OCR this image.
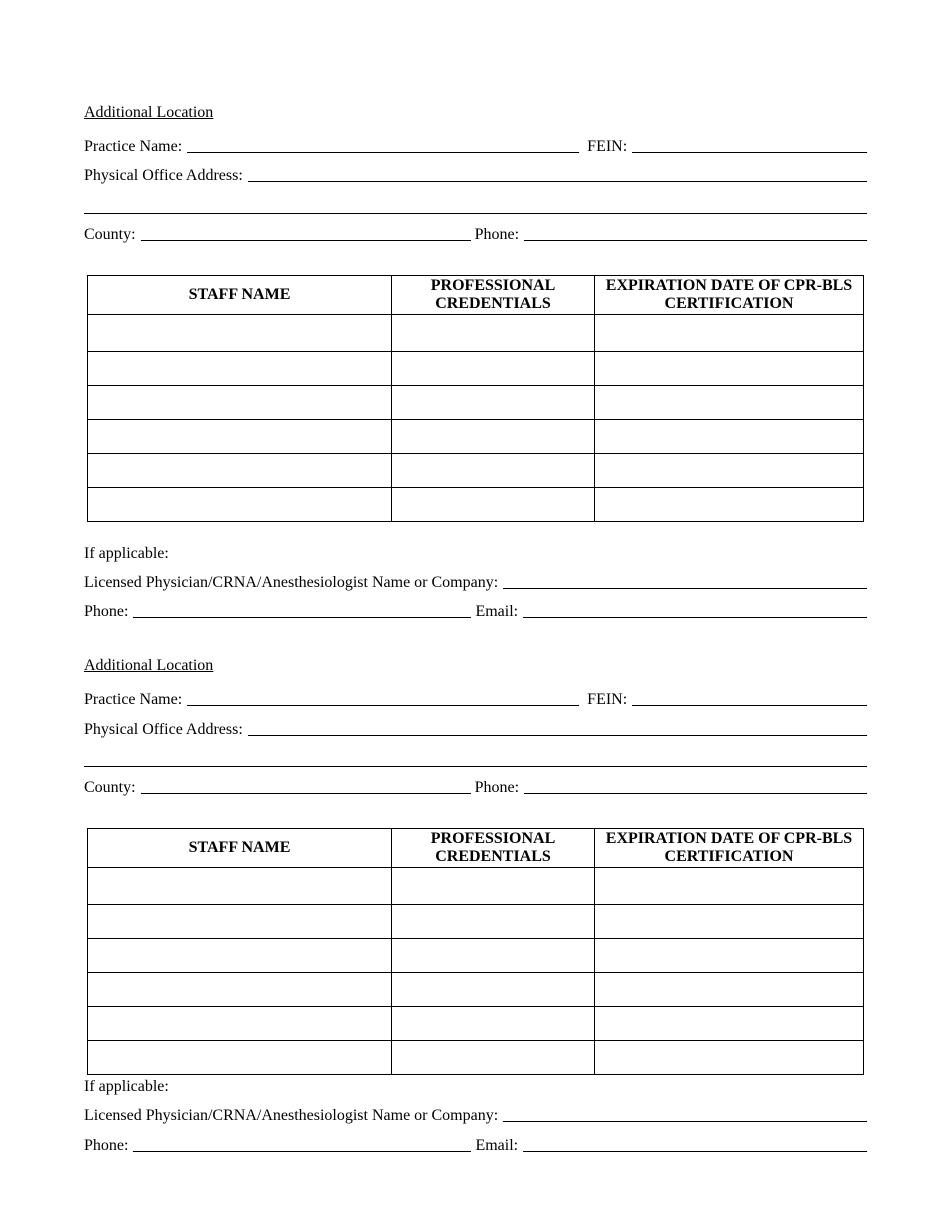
Additional Location
Practice Name:	FEIN:
Physical Office Address:
County:	Phone:
STAFF NAME	PROFESSIONAL CREDENTIALS	EXPIRATION DATE OF CPR-BLS CERTIFICATION

If applicable:
Licensed Physician/CRNA/Anesthesiologist Name or Company:
Phone:	Email:
Additional Location
Practice Name:	FEIN:
Physical Office Address:
County:	Phone:
STAFF NAME	PROFESSIONAL CREDENTIALS	EXPIRATION DATE OF CPR-BLS CERTIFICATION

If applicable:
Licensed Physician/CRNA/Anesthesiologist Name or Company:
Phone:	Email:
